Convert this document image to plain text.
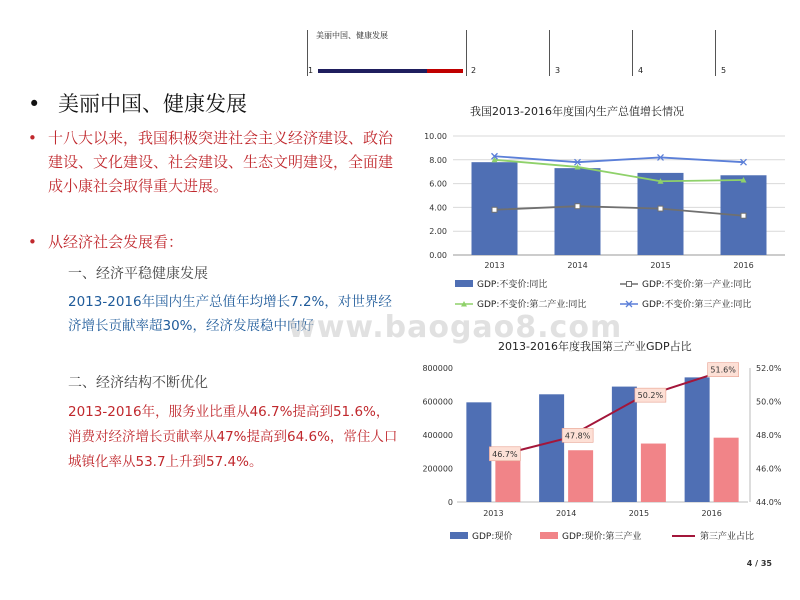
美丽中国、健康发展
1	2	3	4	5
• 美丽中国、健康发展
• 十八大以来，我国积极突进社会主义经济建设、政治建设、文化建设、社会建设、生态文明建设，全面建成小康社会取得重大进展。
• 从经济社会发展看：
一、经济平稳健康发展
2013-2016年国内生产总值年均增长7.2%，对世界经济增长贡献率超30%，经济发展稳中向好
二、经济结构不断优化
2013-2016年，服务业比重从46.7%提高到51.6%，消费对经济增长贡献率从47%提高到64.6%，常住人口城镇化率从53.7上升到57.4%。
www.baogao8.com
我国2013-2016年度国内生产总值增长情况
0.00
2.00
4.00
6.00
8.00
10.00
2013	2014	2015	2016
GDP:不变价:同比	GDP:不变价:第一产业:同比
GDP:不变价:第二产业:同比	GDP:不变价:第三产业:同比
2013-2016年度我国第三产业GDP占比
0
200000
400000
600000
800000
44.0%
46.0%
48.0%
50.0%
52.0%
2013	2014	2015	2016
46.7%
47.8%
50.2%
51.6%
GDP:现价	GDP:现价:第三产业	第三产业占比
4 / 35
